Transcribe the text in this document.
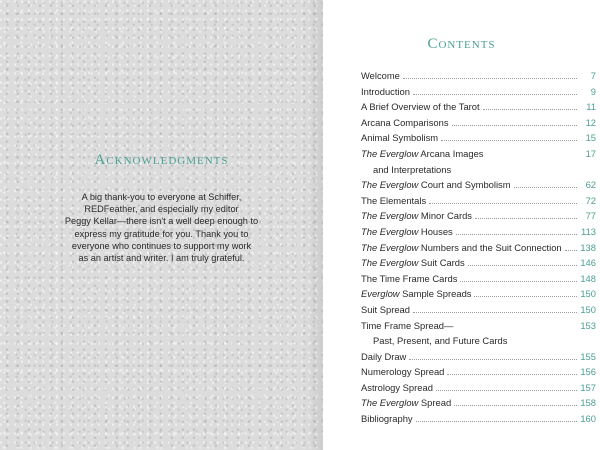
Acknowledgments
A big thank-you to everyone at Schiffer,
REDFeather, and especially my editor
Peggy Kellar—there isn't a well deep enough to
express my gratitude for you. Thank you to
everyone who continues to support my work
as an artist and writer. I am truly grateful.
Contents
Welcome	7
Introduction	9
A Brief Overview of the Tarot	11
Arcana Comparisons	12
Animal Symbolism	15
The Everglow Arcana Images	17
and Interpretations
The Everglow Court and Symbolism	62
The Elementals	72
The Everglow Minor Cards	77
The Everglow Houses	113
The Everglow Numbers and the Suit Connection 138
The Everglow Suit Cards	146
The Time Frame Cards	148
Everglow Sample Spreads	150
Suit Spread	150
Time Frame Spread—	153
Past, Present, and Future Cards
Daily Draw	155
Numerology Spread	156
Astrology Spread	157
The Everglow Spread	158
Bibliography	160
